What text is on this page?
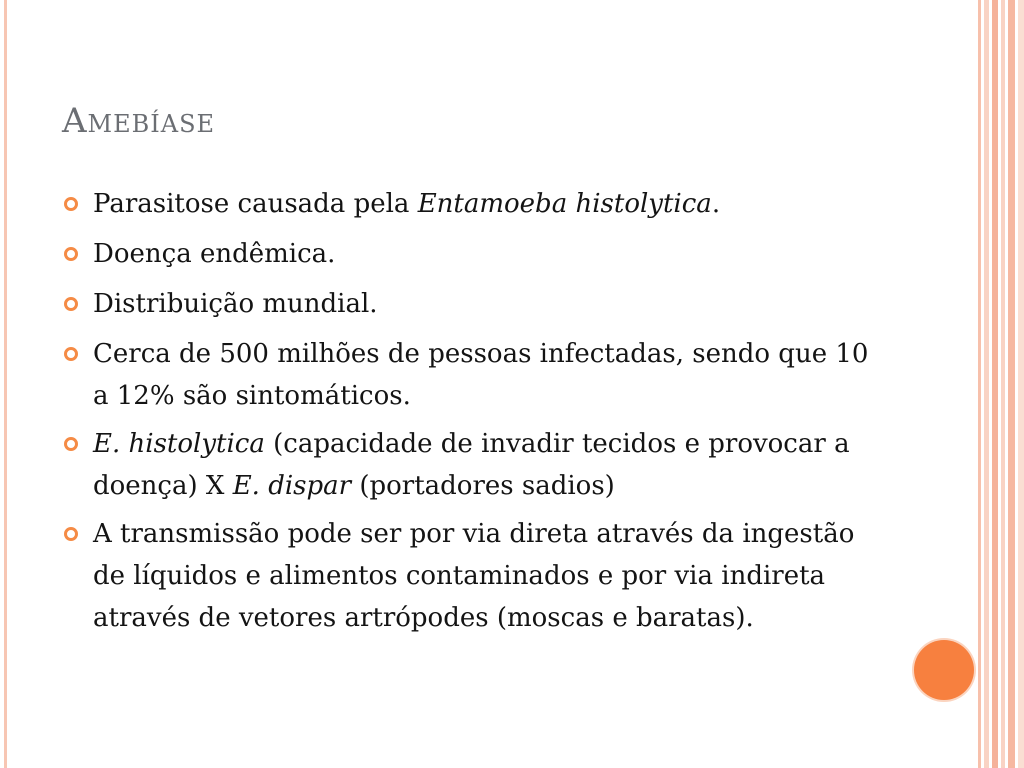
Amebíase
Parasitose causada pela Entamoeba histolytica.
Doença endêmica.
Distribuição mundial.
Cerca de 500 milhões de pessoas infectadas, sendo que 10 a 12% são sintomáticos.
E. histolytica (capacidade de invadir tecidos e provocar a doença) X E. dispar (portadores sadios)
A transmissão pode ser por via direta através da ingestão de líquidos e alimentos contaminados e por via indireta através de vetores artrópodes (moscas e baratas).
